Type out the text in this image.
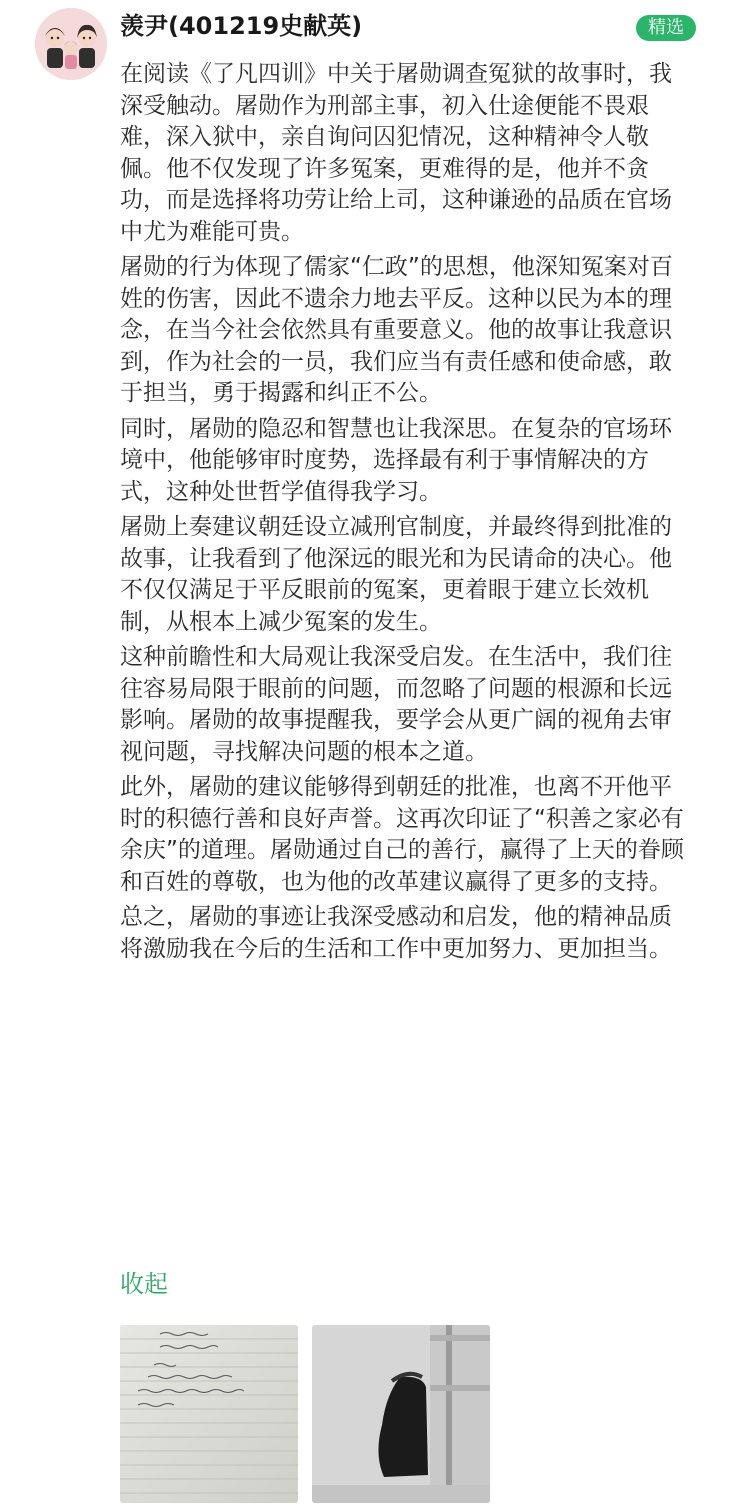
羡尹(401219史献英)	精选

在阅读《了凡四训》中关于屠勋调查冤狱的故事时，我深受触动。屠勋作为刑部主事，初入仕途便能不畏艰难，深入狱中，亲自询问囚犯情况，这种精神令人敬佩。他不仅发现了许多冤案，更难得的是，他并不贪功，而是选择将功劳让给上司，这种谦逊的品质在官场中尤为难能可贵。

屠勋的行为体现了儒家“仁政”的思想，他深知冤案对百姓的伤害，因此不遗余力地去平反。这种以民为本的理念，在当今社会依然具有重要意义。他的故事让我意识到，作为社会的一员，我们应当有责任感和使命感，敢于担当，勇于揭露和纠正不公。

同时，屠勋的隐忍和智慧也让我深思。在复杂的官场环境中，他能够审时度势，选择最有利于事情解决的方式，这种处世哲学值得我学习。

屠勋上奏建议朝廷设立减刑官制度，并最终得到批准的故事，让我看到了他深远的眼光和为民请命的决心。他不仅仅满足于平反眼前的冤案，更着眼于建立长效机制，从根本上减少冤案的发生。

这种前瞻性和大局观让我深受启发。在生活中，我们往往容易局限于眼前的问题，而忽略了问题的根源和长远影响。屠勋的故事提醒我，要学会从更广阔的视角去审视问题，寻找解决问题的根本之道。

此外，屠勋的建议能够得到朝廷的批准，也离不开他平时的积德行善和良好声誉。这再次印证了“积善之家必有余庆”的道理。屠勋通过自己的善行，赢得了上天的眷顾和百姓的尊敬，也为他的改革建议赢得了更多的支持。

总之，屠勋的事迹让我深受感动和启发，他的精神品质将激励我在今后的生活和工作中更加努力、更加担当。

收起
